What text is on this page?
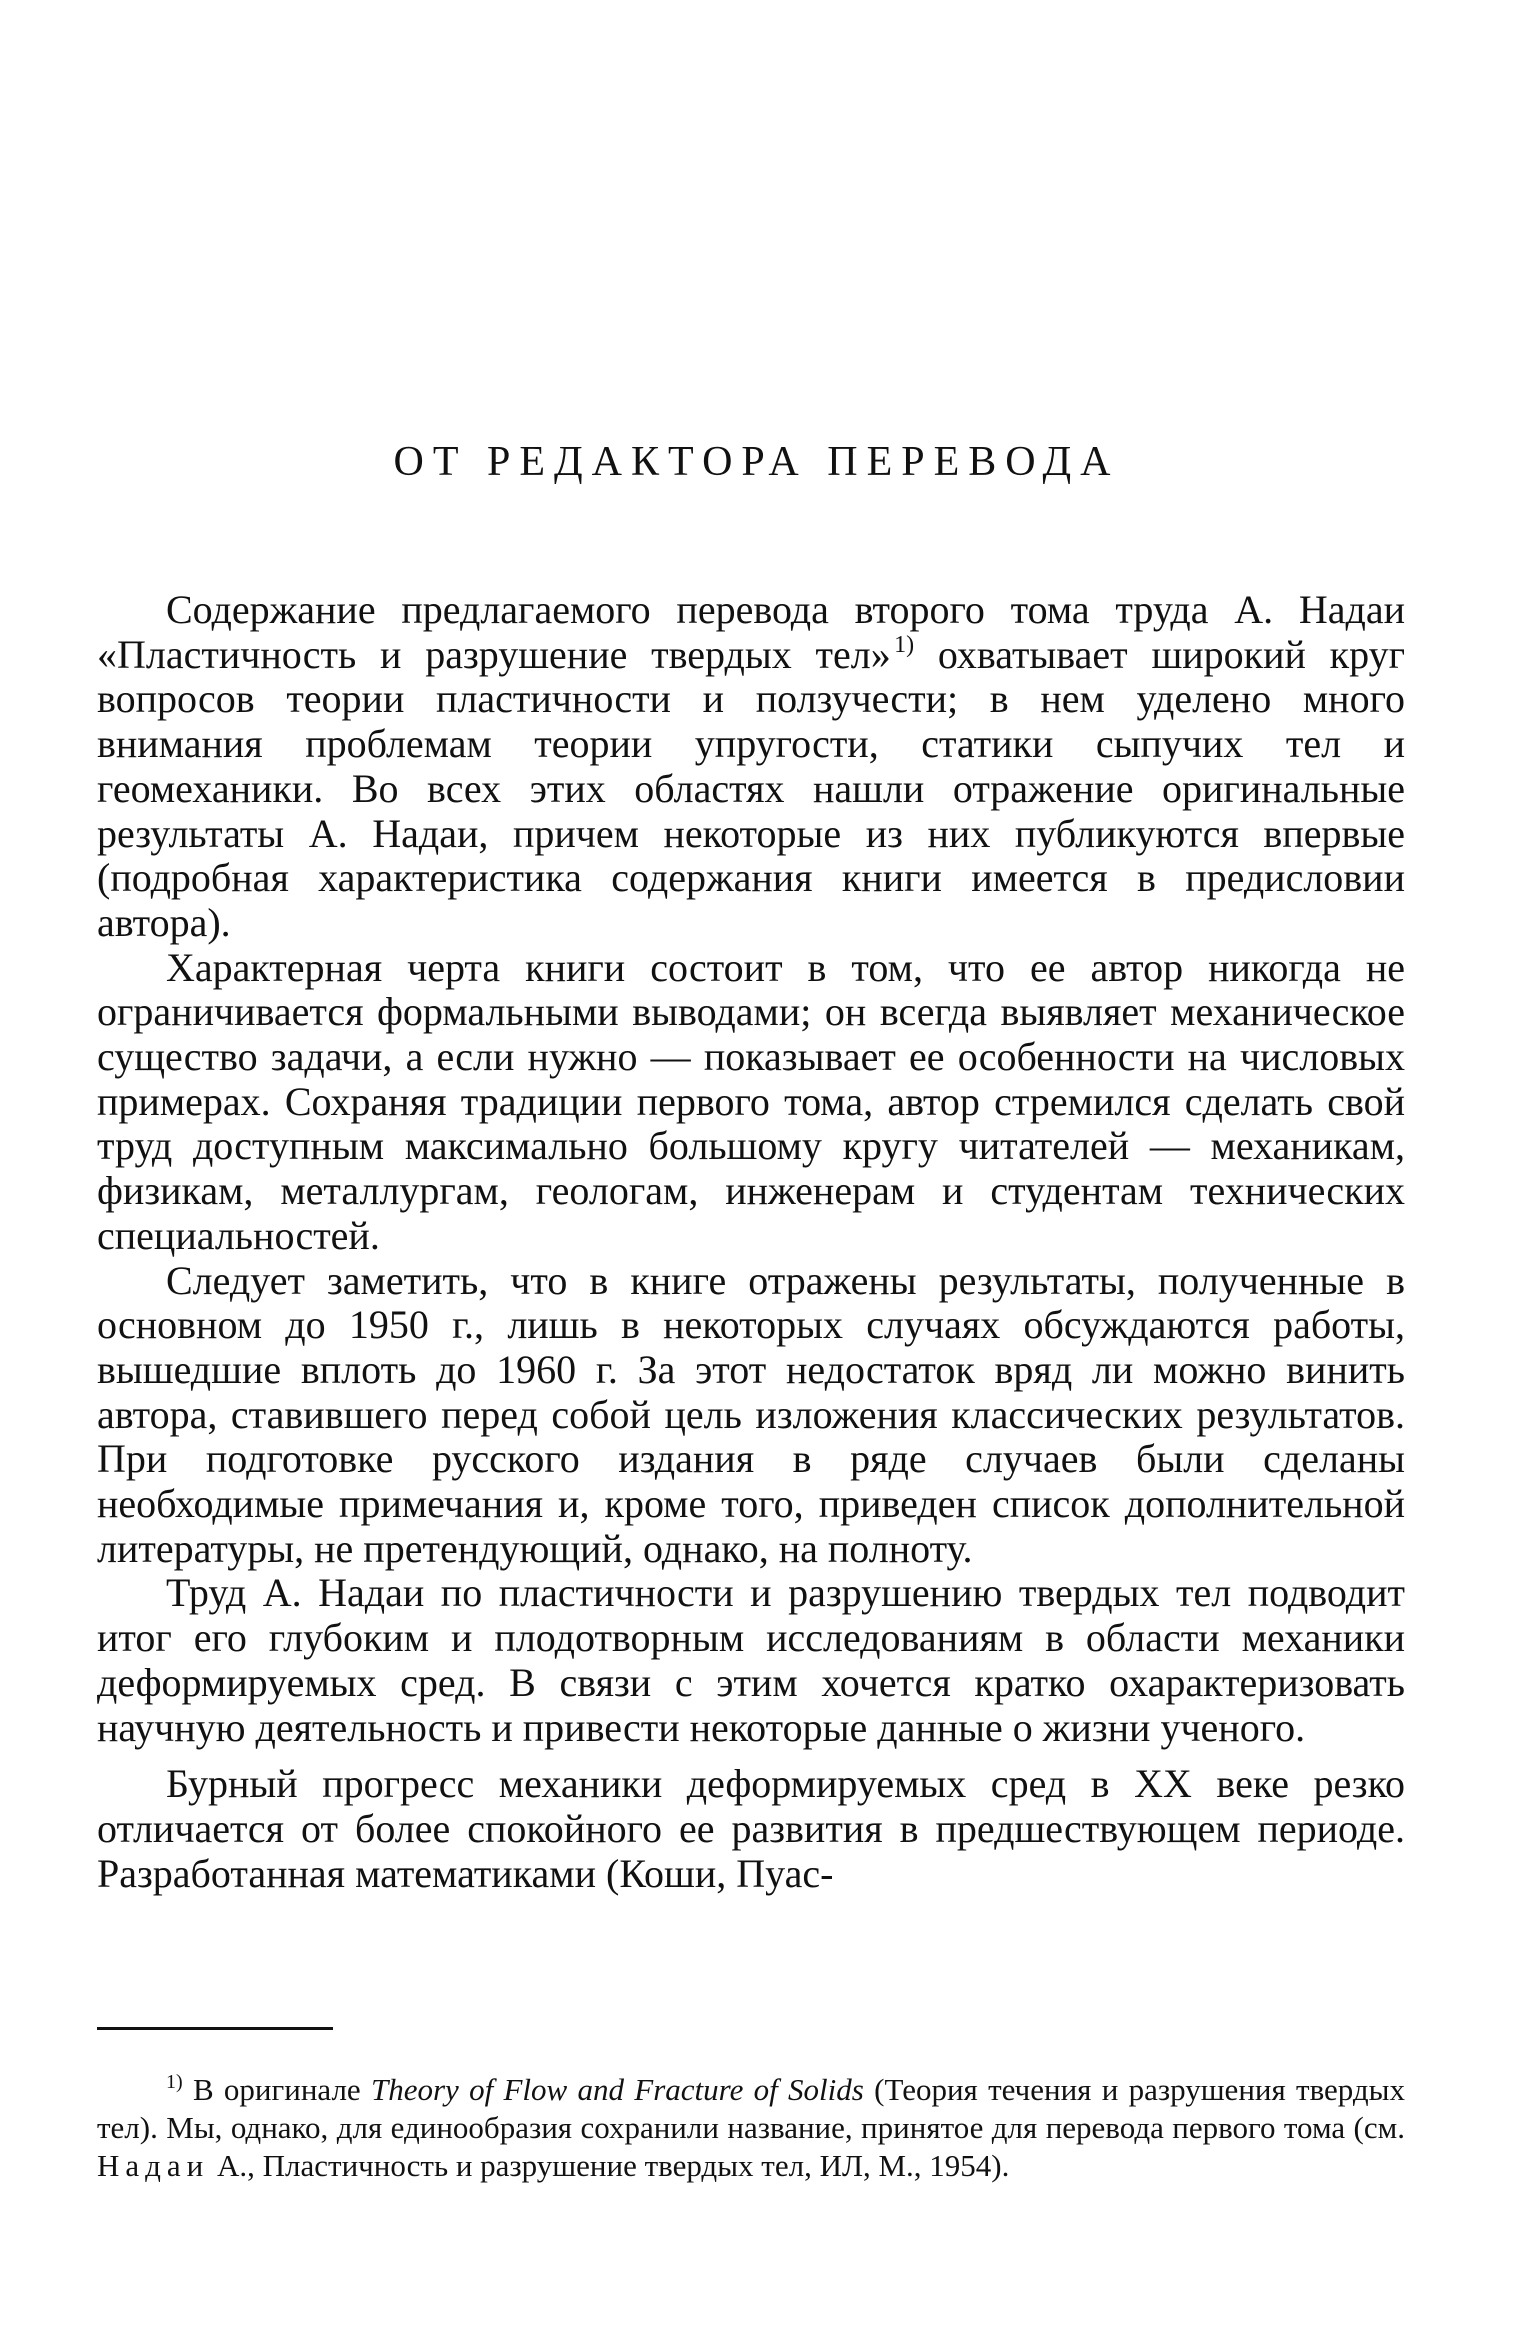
ОТ РЕДАКТОРА ПЕРЕВОДА

Содержание предлагаемого перевода второго тома труда А. Надаи «Пластичность и разрушение твердых тел»  $^{1)}$ охватывает широкий круг вопросов теории пластичности и ползучести; в нем уделено много внимания проблемам теории упругости, статики сыпучих тел и геомеханики. Во всех этих областях нашли отражение оригинальные результаты А. Надаи, причем некоторые из них публикуются впервые (подробная характеристика содержания книги имеется в предисловии автора).

Характерная черта книги состоит в том, что ее автор никогда не ограничивается формальными выводами; он всегда выявляет механическое существо задачи, а если нужно — показывает ее особенности на числовых примерах. Сохраняя традиции первого тома, автор стремился сделать свой труд доступным максимально большому кругу читателей — механикам, физикам, металлургам, геологам, инженерам и студентам технических специальностей.

Следует заметить, что в книге отражены результаты, полученные в основном до 1950 г., лишь в некоторых случаях обсуждаются работы, вышедшие вплоть до 1960 г. За этот недостаток вряд ли можно винить автора, ставившего перед собой цель изложения классических результатов. При подготовке русского издания в ряде случаев были сделаны необходимые примечания и, кроме того, приведен список дополнительной литературы, не претендующий, однако, на полноту.

Труд А. Надаи по пластичности и разрушению твердых тел подводит итог его глубоким и плодотворным исследованиям в области механики деформируемых сред. В связи с этим хочется кратко охарактеризовать научную деятельность и привести некоторые данные о жизни ученого.

Бурный прогресс механики деформируемых сред в XX веке резко отличается от более спокойного ее развития в предшествующем периоде. Разработанная математиками (Коши, Пуас-

$^{1)}$ В оригинале Theory of Flow and Fracture of Solids (Теория течения и разрушения твердых тел). Мы, однако, для единообразия сохранили название, принятое для перевода первого тома (см. Надаи А., Пластичность и разрушение твердых тел, ИЛ, М., 1954).
